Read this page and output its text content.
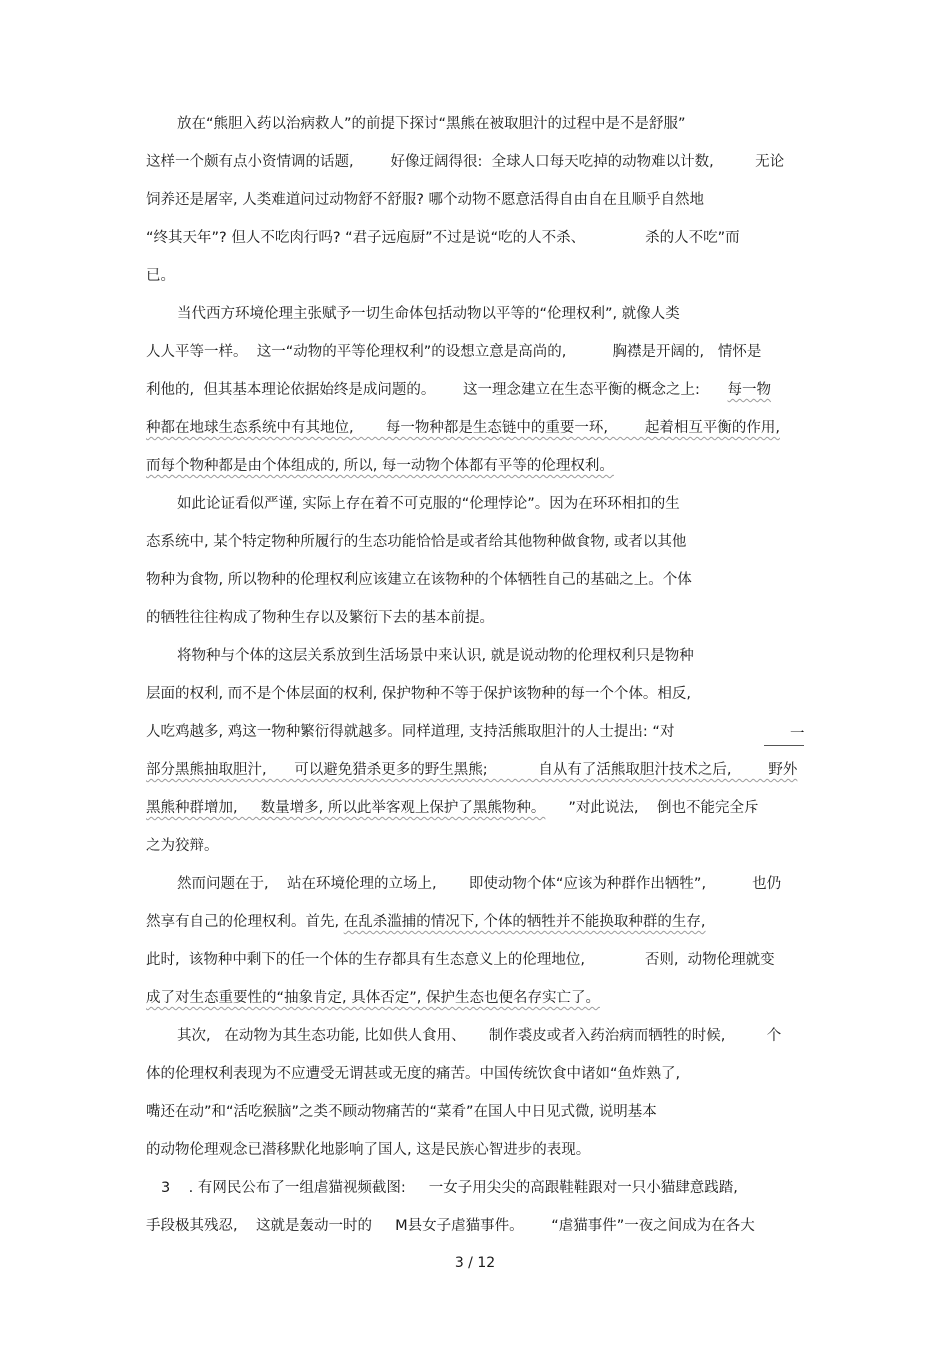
放在“熊胆入药以治病救人”的前提下探讨“黑熊在被取胆汁的过程中是不是舒服”
这样一个颇有点小资情调的话题,        好像迂阔得很:  全球人口每天吃掉的动物难以计数,         无论
饲养还是屠宰, 人类难道问过动物舒不舒服? 哪个动物不愿意活得自由自在且顺乎自然地
“终其天年”? 但人不吃肉行吗? “君子远庖厨”不过是说“吃的人不杀、             杀的人不吃”而
已。
当代西方环境伦理主张赋予一切生命体包括动物以平等的“伦理权利”, 就像人类
人人平等一样。  这一“动物的平等伦理权利”的设想立意是高尚的,          胸襟是开阔的,   情怀是
利他的,  但其基本理论依据始终是成问题的。      这一理念建立在生态平衡的概念之上:      每一物
种都在地球生态系统中有其地位,       每一物种都是生态链中的重要一环,        起着相互平衡的作用,
而每个物种都是由个体组成的, 所以, 每一动物个体都有平等的伦理权利。
如此论证看似严谨, 实际上存在着不可克服的“伦理悖论”。因为在环环相扣的生
态系统中, 某个特定物种所履行的生态功能恰恰是或者给其他物种做食物, 或者以其他
物种为食物, 所以物种的伦理权利应该建立在该物种的个体牺牲自己的基础之上。个体
的牺牲往往构成了物种生存以及繁衍下去的基本前提。
将物种与个体的这层关系放到生活场景中来认识, 就是说动物的伦理权利只是物种
层面的权利, 而不是个体层面的权利, 保护物种不等于保护该物种的每一个个体。相反,
人吃鸡越多, 鸡这一物种繁衍得就越多。同样道理, 支持活熊取胆汁的人士提出: “对
部分黑熊抽取胆汁,      可以避免猎杀更多的野生黑熊;           自从有了活熊取胆汁技术之后,        野外
黑熊种群增加,     数量增多, 所以此举客观上保护了黑熊物种。     ”对此说法,    倒也不能完全斥
之为狡辩。
然而问题在于,    站在环境伦理的立场上,       即使动物个体“应该为种群作出牺牲”,          也仍
然享有自己的伦理权利。首先, 在乱杀滥捕的情况下, 个体的牺牲并不能换取种群的生存,
此时,  该物种中剩下的任一个体的生存都具有生态意义上的伦理地位,             否则,  动物伦理就变
成了对生态重要性的“抽象肯定, 具体否定”, 保护生态也便名存实亡了。
其次,   在动物为其生态功能, 比如供人食用、     制作裘皮或者入药治病而牺牲的时候,         个
体的伦理权利表现为不应遭受无谓甚或无度的痛苦。中国传统饮食中诸如“鱼炸熟了,
嘴还在动”和“活吃猴脑”之类不顾动物痛苦的“菜肴”在国人中日见式微, 说明基本
的动物伦理观念已潜移默化地影响了国人, 这是民族心智进步的表现。
3    . 有网民公布了一组虐猫视频截图:     一女子用尖尖的高跟鞋鞋跟对一只小猫肆意践踏,
手段极其残忍,    这就是轰动一时的     M县女子虐猫事件。      “虐猫事件”一夜之间成为在各大
一
3 / 12
